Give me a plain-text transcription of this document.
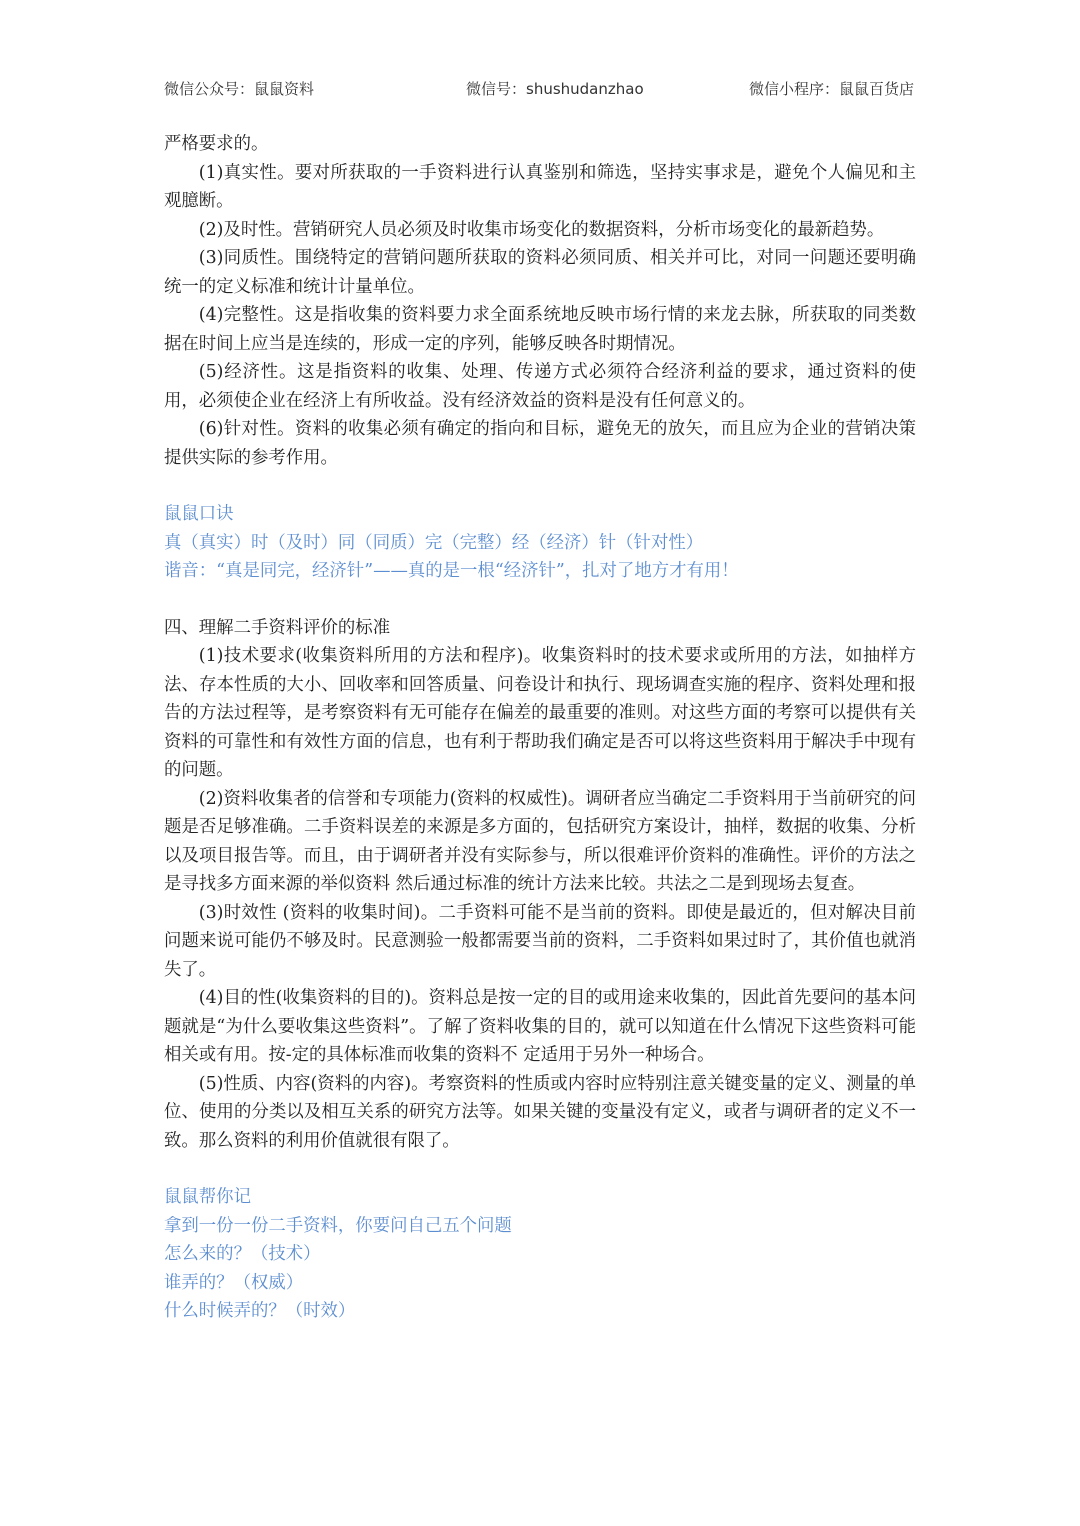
微信公众号：鼠鼠资料	微信号：shushudanzhao	微信小程序：鼠鼠百货店

严格要求的。

(1)真实性。要对所获取的一手资料进行认真鉴别和筛选，坚持实事求是，避免个人偏见和主观臆断。

(2)及时性。营销研究人员必须及时收集市场变化的数据资料，分析市场变化的最新趋势。

(3)同质性。围绕特定的营销问题所获取的资料必须同质、相关并可比，对同一问题还要明确统一的定义标准和统计计量单位。

(4)完整性。这是指收集的资料要力求全面系统地反映市场行情的来龙去脉，所获取的同类数据在时间上应当是连续的，形成一定的序列，能够反映各时期情况。

(5)经济性。这是指资料的收集、处理、传递方式必须符合经济利益的要求，通过资料的使用，必须使企业在经济上有所收益。没有经济效益的资料是没有任何意义的。

(6)针对性。资料的收集必须有确定的指向和目标，避免无的放矢，而且应为企业的营销决策提供实际的参考作用。

鼠鼠口诀

真（真实）时（及时）同（同质）完（完整）经（经济）针（针对性）

谐音：“真是同完，经济针”——真的是一根“经济针”，扎对了地方才有用！

四、理解二手资料评价的标准

(1)技术要求(收集资料所用的方法和程序)。收集资料时的技术要求或所用的方法，如抽样方法、存本性质的大小、回收率和回答质量、问卷设计和执行、现场调查实施的程序、资料处理和报告的方法过程等，是考察资料有无可能存在偏差的最重要的准则。对这些方面的考察可以提供有关资料的可靠性和有效性方面的信息，也有利于帮助我们确定是否可以将这些资料用于解决手中现有的问题。

(2)资料收集者的信誉和专项能力(资料的权威性)。调研者应当确定二手资料用于当前研究的问题是否足够准确。二手资料误差的来源是多方面的，包括研究方案设计，抽样，数据的收集、分析以及项目报告等。而且，由于调研者并没有实际参与，所以很难评价资料的准确性。评价的方法之 是寻找多方面来源的举似资料 然后通过标准的统计方法来比较。共法之二是到现场去复查。

(3)时效性 (资料的收集时间)。二手资料可能不是当前的资料。即使是最近的，但对解决目前问题来说可能仍不够及时。民意测验一般都需要当前的资料，二手资料如果过时了，其价值也就消失了。

(4)目的性(收集资料的目的)。资料总是按一定的目的或用途来收集的，因此首先要问的基本问题就是“为什么要收集这些资料”。了解了资料收集的目的，就可以知道在什么情况下这些资料可能相关或有用。按-定的具体标准而收集的资料不 定适用于另外一种场合。

(5)性质、内容(资料的内容)。考察资料的性质或内容时应特别注意关键变量的定义、测量的单位、使用的分类以及相互关系的研究方法等。如果关键的变量没有定义，或者与调研者的定义不一致。那么资料的利用价值就很有限了。

鼠鼠帮你记

拿到一份一份二手资料，你要问自己五个问题

怎么来的？（技术）

谁弄的？（权威）

什么时候弄的？（时效）
